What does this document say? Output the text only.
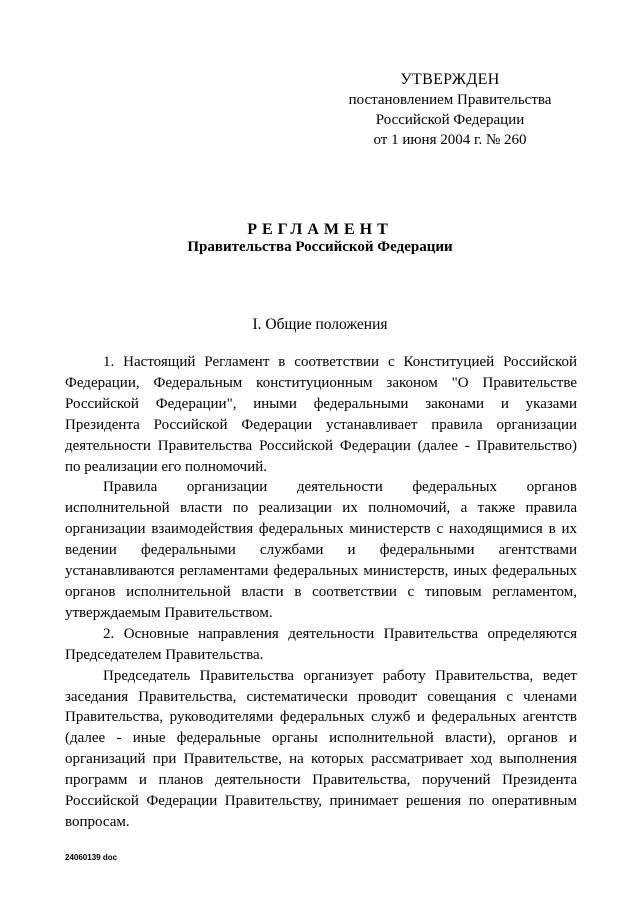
УТВЕРЖДЕН
постановлением Правительства
Российской Федерации
от 1 июня 2004 г. № 260
РЕГЛАМЕНТ
Правительства Российской Федерации
I. Общие положения

1. Настоящий Регламент в соответствии с Конституцией Российской Федерации, Федеральным конституционным законом "О Правительстве Российской Федерации", иными федеральными законами и указами Президента Российской Федерации устанавливает правила организации деятельности Правительства Российской Федерации (далее - Правительство) по реализации его полномочий.

Правила организации деятельности федеральных органов исполнительной власти по реализации их полномочий, а также правила организации взаимодействия федеральных министерств с находящимися в их ведении федеральными службами и федеральными агентствами устанавливаются регламентами федеральных министерств, иных федеральных органов исполнительной власти в соответствии с типовым регламентом, утверждаемым Правительством.

2. Основные направления деятельности Правительства определяются Председателем Правительства.

Председатель Правительства организует работу Правительства, ведет заседания Правительства, систематически проводит совещания с членами Правительства, руководителями федеральных служб и федеральных агентств (далее - иные федеральные органы исполнительной власти), органов и организаций при Правительстве, на которых рассматривает ход выполнения программ и планов деятельности Правительства, поручений Президента Российской Федерации Правительству, принимает решения по оперативным вопросам.

24060139 doc
